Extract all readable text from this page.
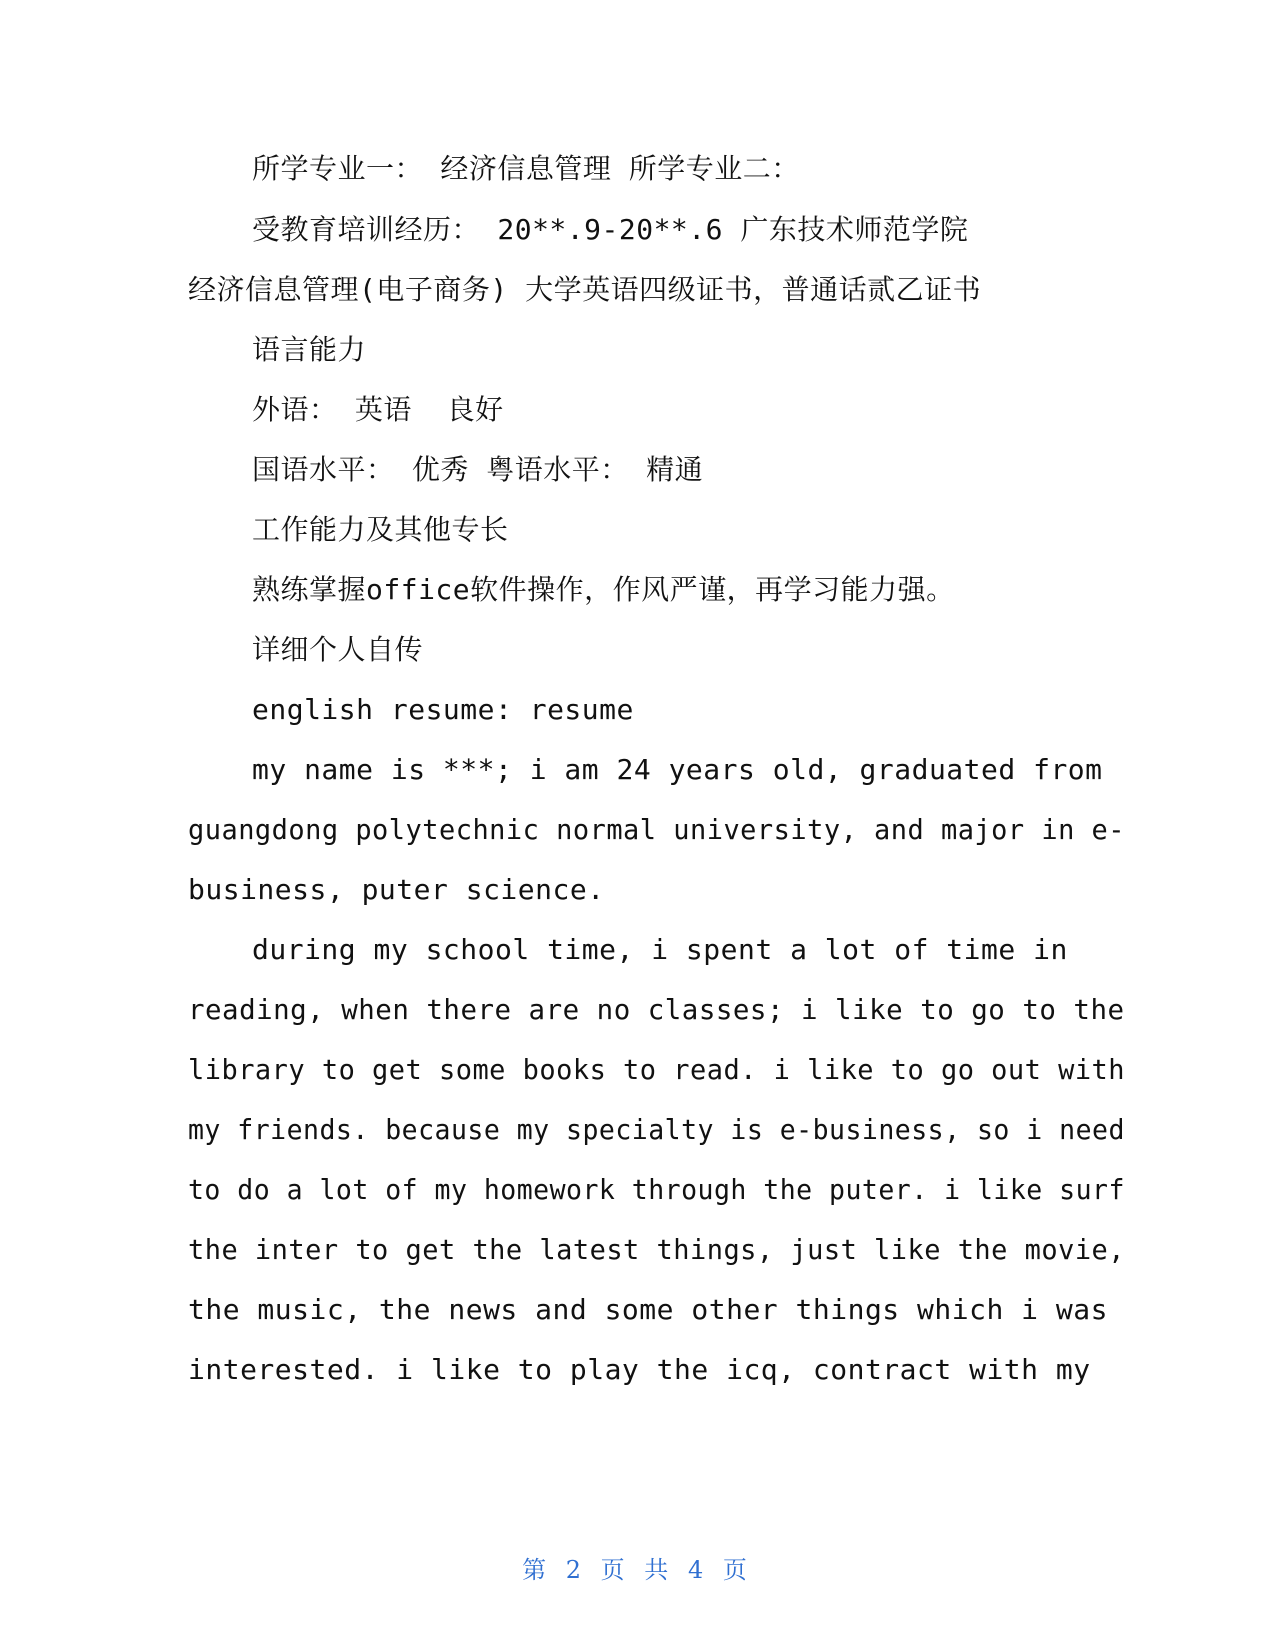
所学专业一： 经济信息管理 所学专业二：
受教育培训经历： 20**.9-20**.6 广东技术师范学院
经济信息管理(电子商务) 大学英语四级证书，普通话贰乙证书
语言能力
外语： 英语  良好
国语水平： 优秀 粤语水平： 精通
工作能力及其他专长
熟练掌握office软件操作，作风严谨，再学习能力强。
详细个人自传
english resume: resume
my name is ***; i am 24 years old, graduated from
guangdong polytechnic normal university, and major in e-
business, puter science.
during my school time, i spent a lot of time in
reading, when there are no classes; i like to go to the
library to get some books to read. i like to go out with
my friends. because my specialty is e-business, so i need
to do a lot of my homework through the puter. i like surf
the inter to get the latest things, just like the movie,
the music, the news and some other things which i was
interested. i like to play the icq, contract with my
第 2 页 共 4 页
